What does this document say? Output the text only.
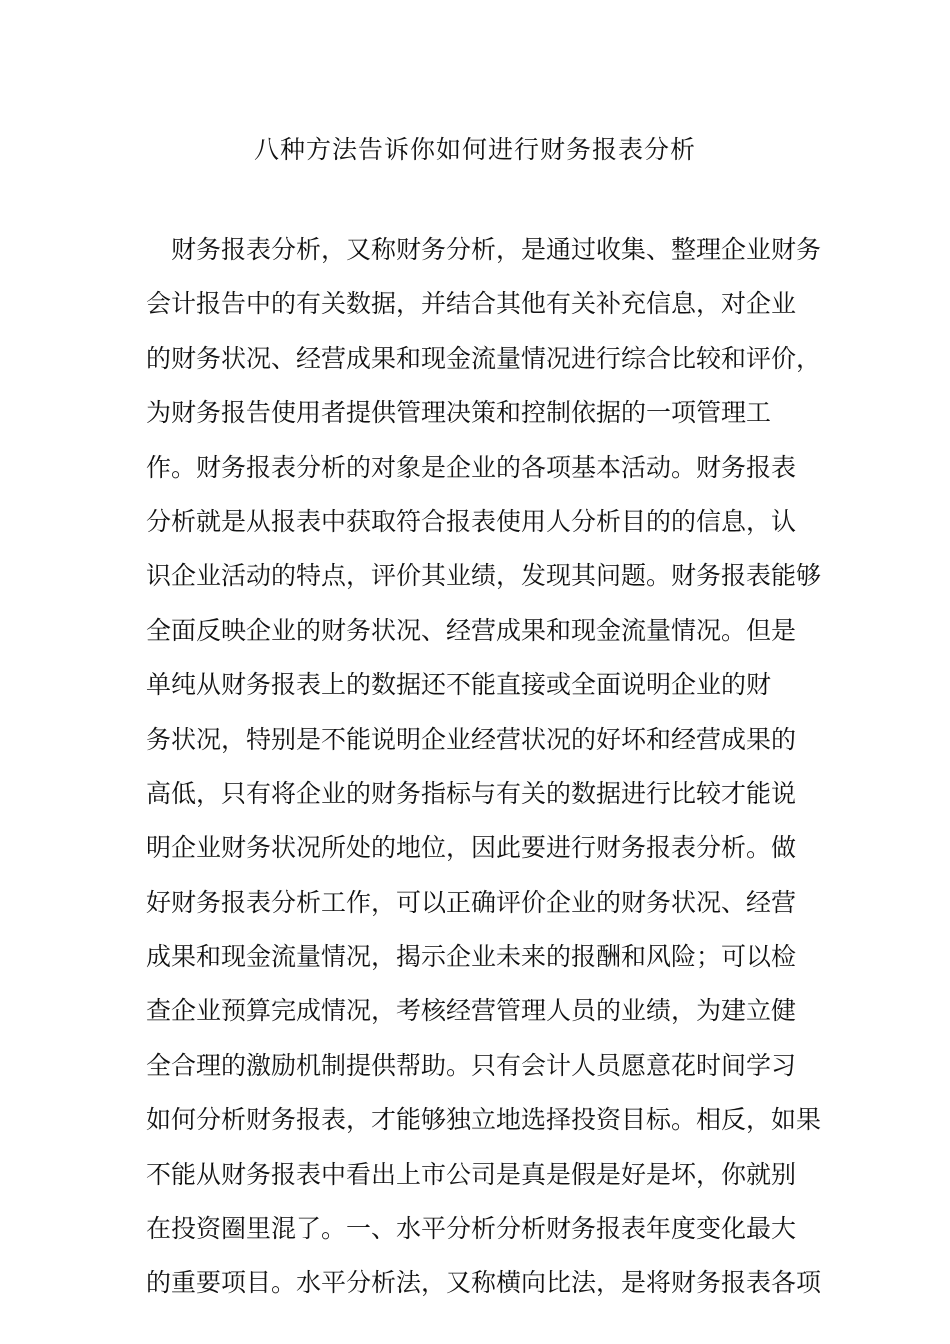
八种方法告诉你如何进行财务报表分析
　财务报表分析，又称财务分析，是通过收集、整理企业财务
会计报告中的有关数据，并结合其他有关补充信息，对企业
的财务状况、经营成果和现金流量情况进行综合比较和评价，
为财务报告使用者提供管理决策和控制依据的一项管理工
作。财务报表分析的对象是企业的各项基本活动。财务报表
分析就是从报表中获取符合报表使用人分析目的的信息，认
识企业活动的特点，评价其业绩，发现其问题。财务报表能够
全面反映企业的财务状况、经营成果和现金流量情况。但是
单纯从财务报表上的数据还不能直接或全面说明企业的财
务状况，特别是不能说明企业经营状况的好坏和经营成果的
高低，只有将企业的财务指标与有关的数据进行比较才能说
明企业财务状况所处的地位，因此要进行财务报表分析。做
好财务报表分析工作，可以正确评价企业的财务状况、经营
成果和现金流量情况，揭示企业未来的报酬和风险；可以检
查企业预算完成情况，考核经营管理人员的业绩，为建立健
全合理的激励机制提供帮助。只有会计人员愿意花时间学习
如何分析财务报表，才能够独立地选择投资目标。相反，如果
不能从财务报表中看出上市公司是真是假是好是坏，你就别
在投资圈里混了。一、水平分析分析财务报表年度变化最大
的重要项目。水平分析法，又称横向比法，是将财务报表各项
